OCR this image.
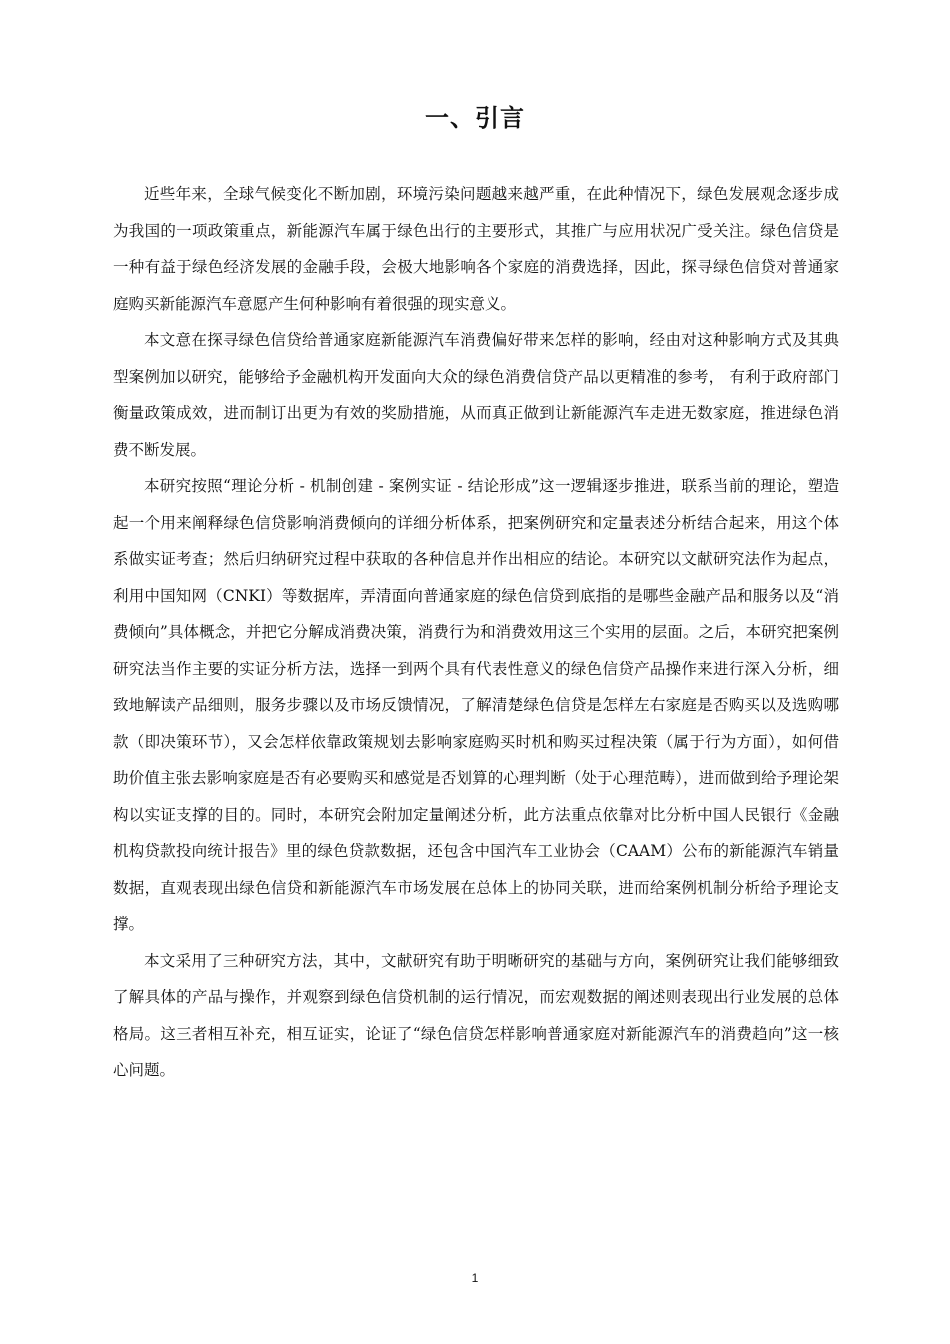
一、引言

近些年来，全球气候变化不断加剧，环境污染问题越来越严重，在此种情况下，绿色发展观念逐步成为我国的一项政策重点，新能源汽车属于绿色出行的主要形式，其推广与应用状况广受关注。绿色信贷是一种有益于绿色经济发展的金融手段，会极大地影响各个家庭的消费选择，因此，探寻绿色信贷对普通家庭购买新能源汽车意愿产生何种影响有着很强的现实意义。

本文意在探寻绿色信贷给普通家庭新能源汽车消费偏好带来怎样的影响，经由对这种影响方式及其典型案例加以研究，能够给予金融机构开发面向大众的绿色消费信贷产品以更精准的参考， 有利于政府部门衡量政策成效，进而制订出更为有效的奖励措施，从而真正做到让新能源汽车走进无数家庭，推进绿色消费不断发展。

本研究按照“理论分析 - 机制创建 - 案例实证 - 结论形成”这一逻辑逐步推进，联系当前的理论，塑造起一个用来阐释绿色信贷影响消费倾向的详细分析体系，把案例研究和定量表述分析结合起来，用这个体系做实证考查；然后归纳研究过程中获取的各种信息并作出相应的结论。本研究以文献研究法作为起点，利用中国知网（CNKI）等数据库，弄清面向普通家庭的绿色信贷到底指的是哪些金融产品和服务以及“消费倾向”具体概念，并把它分解成消费决策，消费行为和消费效用这三个实用的层面。之后，本研究把案例研究法当作主要的实证分析方法，选择一到两个具有代表性意义的绿色信贷产品操作来进行深入分析，细致地解读产品细则，服务步骤以及市场反馈情况，了解清楚绿色信贷是怎样左右家庭是否购买以及选购哪款（即决策环节），又会怎样依靠政策规划去影响家庭购买时机和购买过程决策（属于行为方面），如何借助价值主张去影响家庭是否有必要购买和感觉是否划算的心理判断（处于心理范畴），进而做到给予理论架构以实证支撑的目的。同时，本研究会附加定量阐述分析，此方法重点依靠对比分析中国人民银行《金融机构贷款投向统计报告》里的绿色贷款数据，还包含中国汽车工业协会（CAAM）公布的新能源汽车销量数据，直观表现出绿色信贷和新能源汽车市场发展在总体上的协同关联，进而给案例机制分析给予理论支撑。

本文采用了三种研究方法，其中，文献研究有助于明晰研究的基础与方向，案例研究让我们能够细致了解具体的产品与操作，并观察到绿色信贷机制的运行情况，而宏观数据的阐述则表现出行业发展的总体格局。这三者相互补充，相互证实，论证了“绿色信贷怎样影响普通家庭对新能源汽车的消费趋向”这一核心问题。

1
